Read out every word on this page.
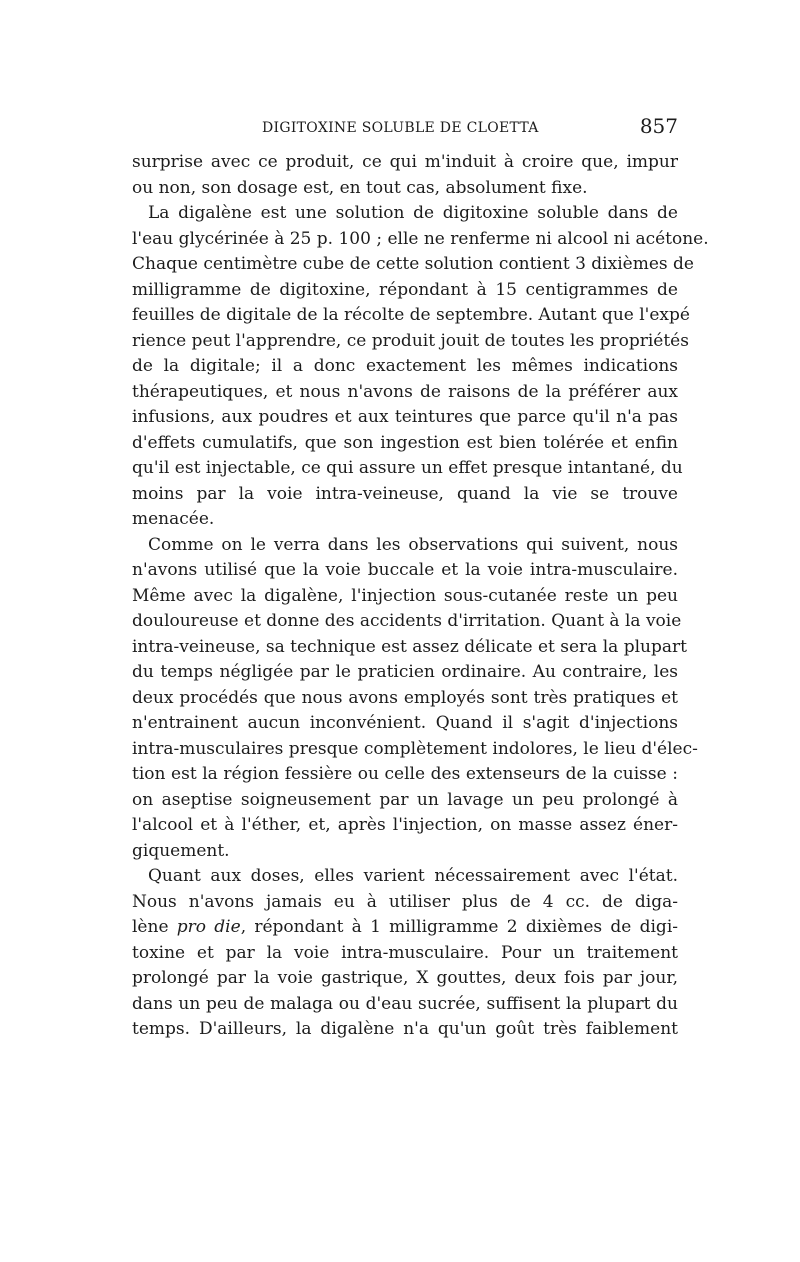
DIGITOXINE SOLUBLE DE CLOETTA	857
surprise avec ce produit, ce qui m'induit à croire que, impur
ou non, son dosage est, en tout cas, absolument fixe.
La digalène est une solution de digitoxine soluble dans de
l'eau glycérinée à 25 p. 100 ; elle ne renferme ni alcool ni acétone.
Chaque centimètre cube de cette solution contient 3 dixièmes de
milligramme de digitoxine, répondant à 15 centigrammes de
feuilles de digitale de la récolte de septembre. Autant que l'expé
rience peut l'apprendre, ce produit jouit de toutes les propriétés
de la digitale; il a donc exactement les mêmes indications
thérapeutiques, et nous n'avons de raisons de la préférer aux
infusions, aux poudres et aux teintures que parce qu'il n'a pas
d'effets cumulatifs, que son ingestion est bien tolérée et enfin
qu'il est injectable, ce qui assure un effet presque intantané, du
moins par la voie intra-veineuse, quand la vie se trouve
menacée.
Comme on le verra dans les observations qui suivent, nous
n'avons utilisé que la voie buccale et la voie intra-musculaire.
Même avec la digalène, l'injection sous-cutanée reste un peu
douloureuse et donne des accidents d'irritation. Quant à la voie
intra-veineuse, sa technique est assez délicate et sera la plupart
du temps négligée par le praticien ordinaire. Au contraire, les
deux procédés que nous avons employés sont très pratiques et
n'entrainent aucun inconvénient. Quand il s'agit d'injections
intra-musculaires presque complètement indolores, le lieu d'élec-
tion est la région fessière ou celle des extenseurs de la cuisse :
on aseptise soigneusement par un lavage un peu prolongé à
l'alcool et à l'éther, et, après l'injection, on masse assez éner-
giquement.
Quant aux doses, elles varient nécessairement avec l'état.
Nous n'avons jamais eu à utiliser plus de 4 cc. de diga-
lène pro die, répondant à 1 milligramme 2 dixièmes de digi-
toxine et par la voie intra-musculaire. Pour un traitement
prolongé par la voie gastrique, X gouttes, deux fois par jour,
dans un peu de malaga ou d'eau sucrée, suffisent la plupart du
temps. D'ailleurs, la digalène n'a qu'un goût très faiblement
